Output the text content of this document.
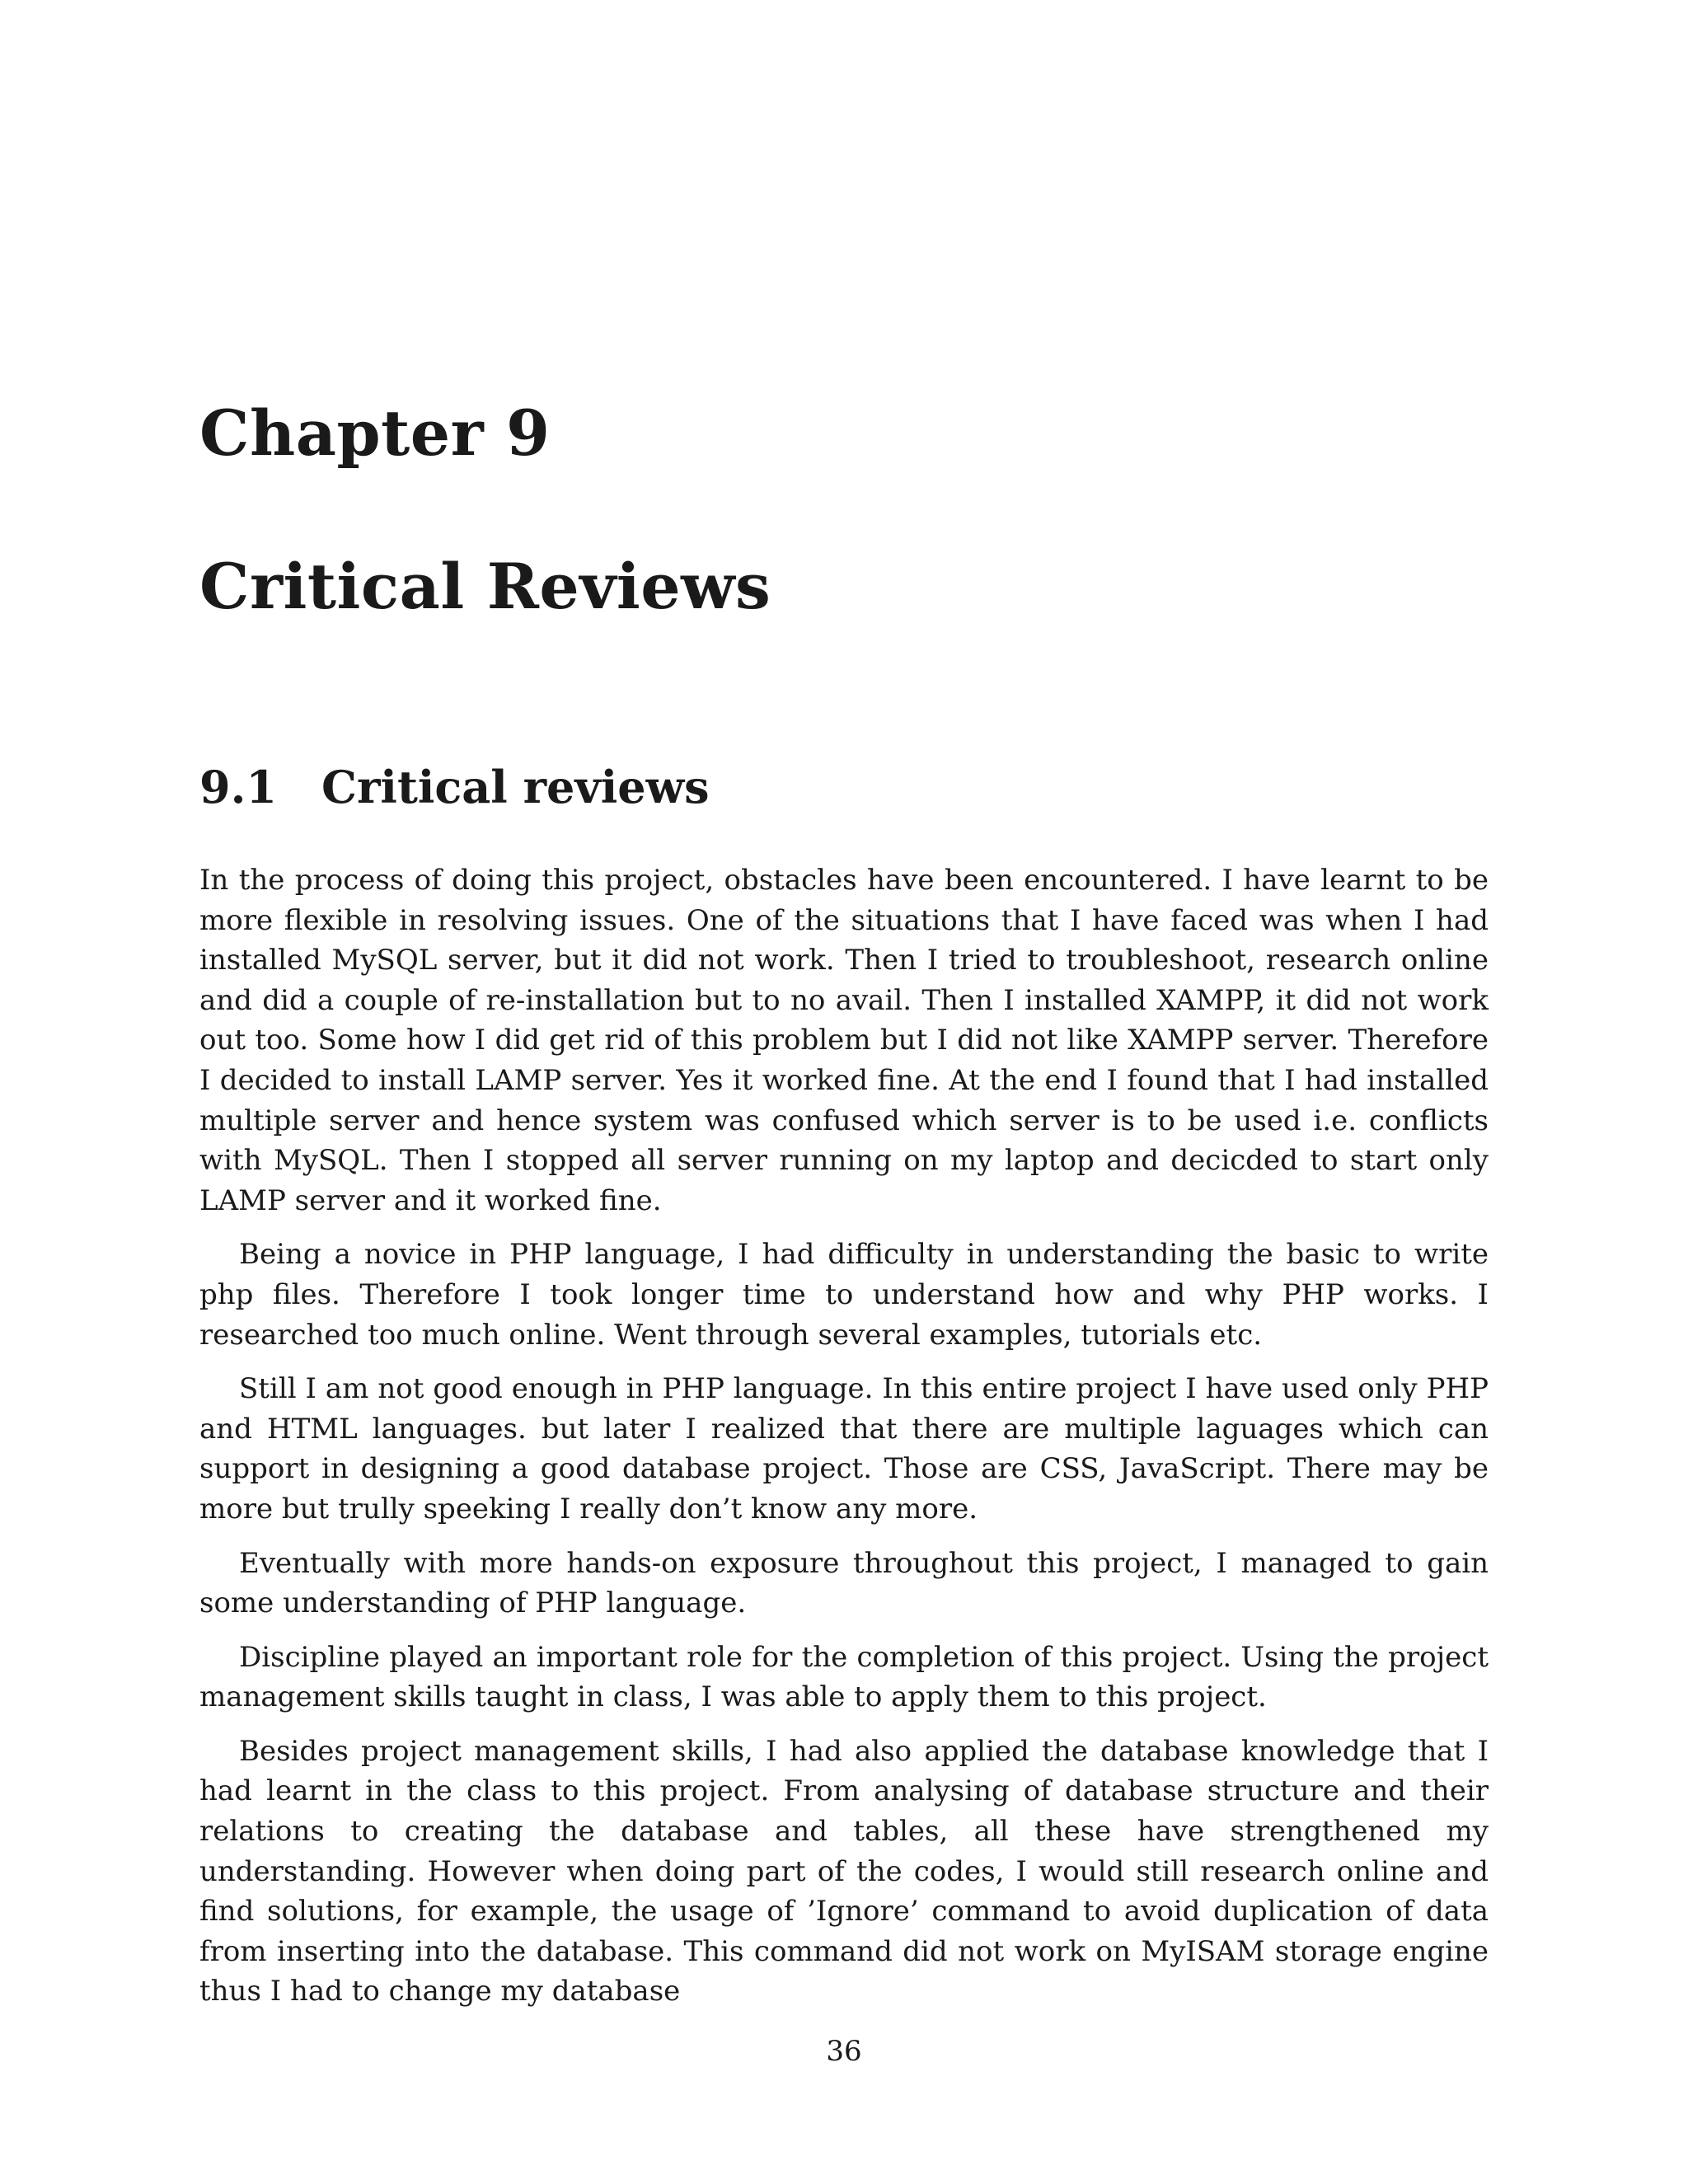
Chapter 9
Critical Reviews
9.1 Critical reviews

In the process of doing this project, obstacles have been encountered. I have learnt to be more flexible in resolving issues. One of the situations that I have faced was when I had installed MySQL server, but it did not work. Then I tried to troubleshoot, research online and did a couple of re-installation but to no avail. Then I installed XAMPP, it did not work out too. Some how I did get rid of this problem but I did not like XAMPP server. Therefore I decided to install LAMP server. Yes it worked fine. At the end I found that I had installed multiple server and hence system was confused which server is to be used i.e. conflicts with MySQL. Then I stopped all server running on my laptop and decicded to start only LAMP server and it worked fine.

Being a novice in PHP language, I had difficulty in understanding the basic to write php files. Therefore I took longer time to understand how and why PHP works. I researched too much online. Went through several examples, tutorials etc.

Still I am not good enough in PHP language. In this entire project I have used only PHP and HTML languages. but later I realized that there are multiple laguages which can support in designing a good database project. Those are CSS, JavaScript. There may be more but trully speeking I really don’t know any more.

Eventually with more hands-on exposure throughout this project, I managed to gain some understanding of PHP language.

Discipline played an important role for the completion of this project. Using the project management skills taught in class, I was able to apply them to this project.

Besides project management skills, I had also applied the database knowledge that I had learnt in the class to this project. From analysing of database structure and their relations to creating the database and tables, all these have strengthened my understanding. However when doing part of the codes, I would still research online and find solutions, for example, the usage of ’Ignore’ command to avoid duplication of data from inserting into the database. This command did not work on MyISAM storage engine thus I had to change my database

36
